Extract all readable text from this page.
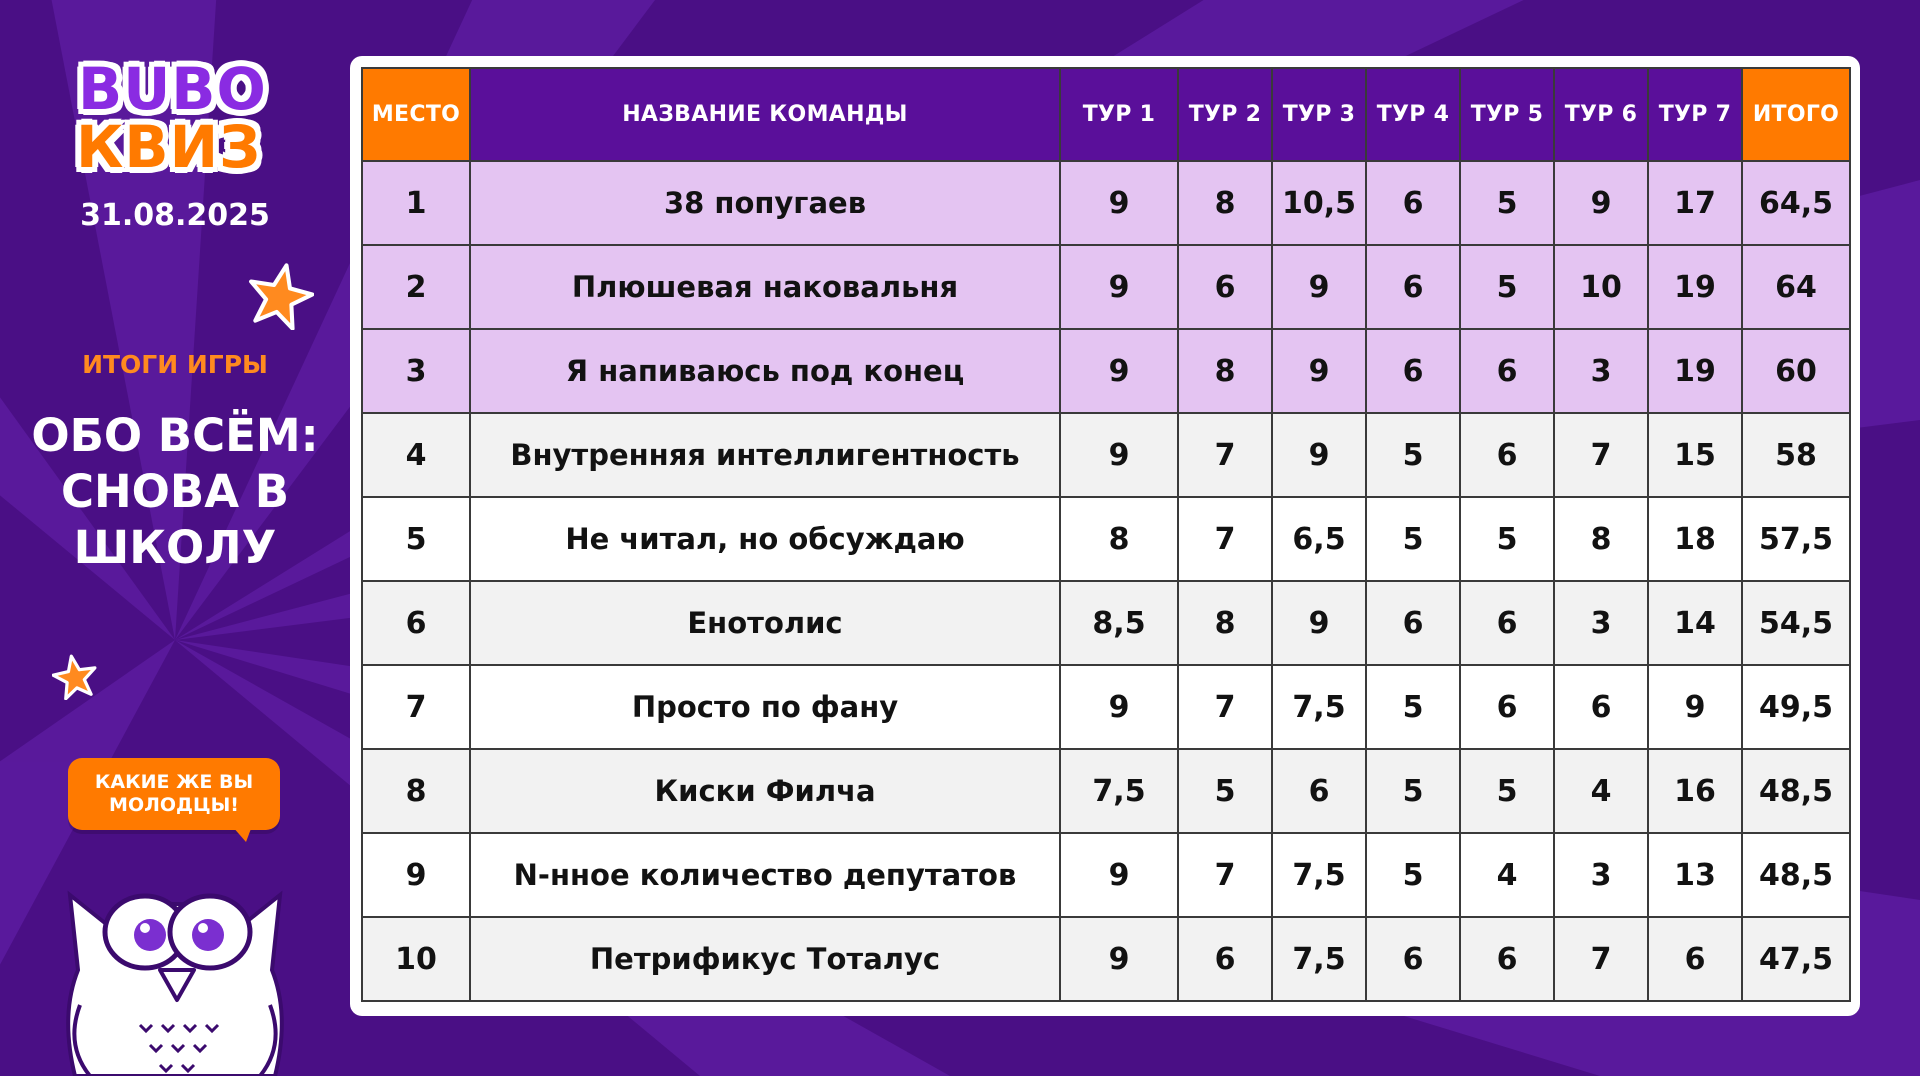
BUBO
КВИЗ
31.08.2025
ИТОГИ ИГРЫ
ОБО ВСЁМ: СНОВА В ШКОЛУ
КАКИЕ ЖЕ ВЫ МОЛОДЦЫ!
МЕСТО	НАЗВАНИЕ КОМАНДЫ	ТУР 1	ТУР 2	ТУР 3	ТУР 4	ТУР 5	ТУР 6	ТУР 7	ИТОГО
1	38 попугаев	9	8	10,5	6	5	9	17	64,5
2	Плюшевая наковальня	9	6	9	6	5	10	19	64
3	Я напиваюсь под конец	9	8	9	6	6	3	19	60
4	Внутренняя интеллигентность	9	7	9	5	6	7	15	58
5	Не читал, но обсуждаю	8	7	6,5	5	5	8	18	57,5
6	Енотолис	8,5	8	9	6	6	3	14	54,5
7	Просто по фану	9	7	7,5	5	6	6	9	49,5
8	Киски Филча	7,5	5	6	5	5	4	16	48,5
9	N-нное количество депутатов	9	7	7,5	5	4	3	13	48,5
10	Петрификус Тоталус	9	6	7,5	6	6	7	6	47,5
